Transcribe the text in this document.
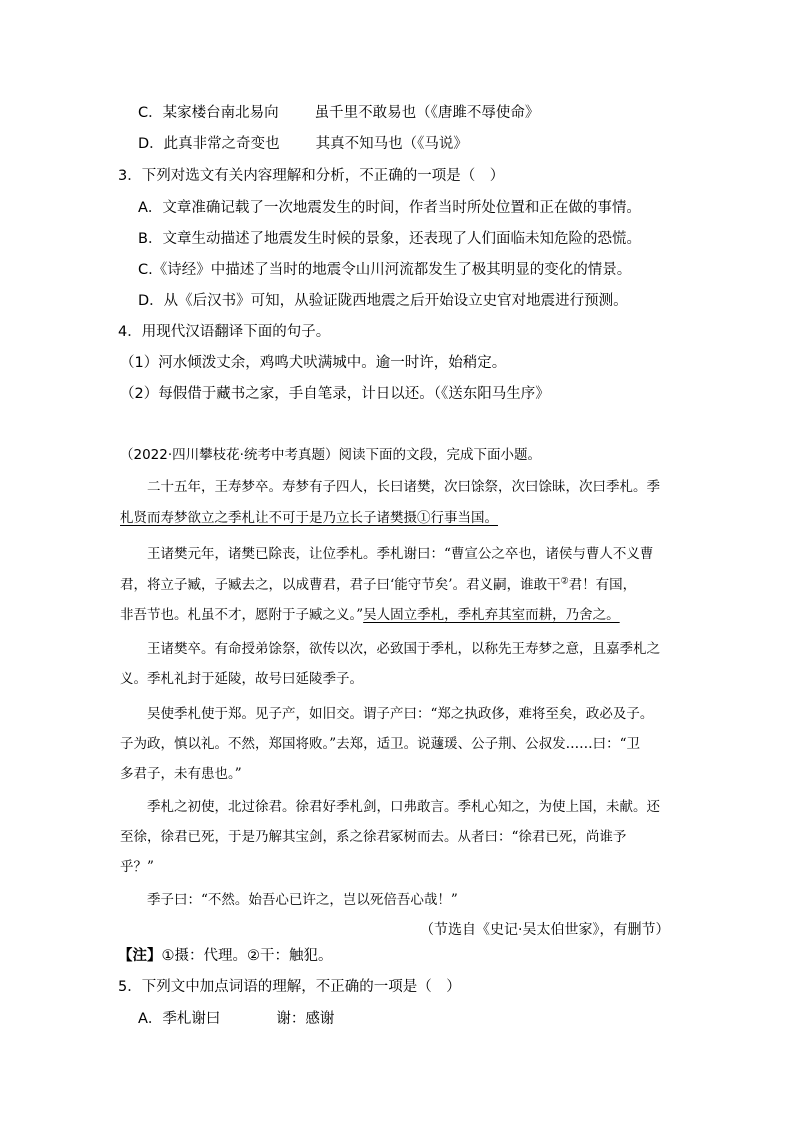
C．某家楼台南北易向 虽千里不敢易也（《唐雎不辱使命》
D．此真非常之奇变也 其真不知马也（《马说》
3．下列对选文有关内容理解和分析，不正确的一项是（　）
A．文章准确记载了一次地震发生的时间，作者当时所处位置和正在做的事情。
B．文章生动描述了地震发生时候的景象，还表现了人们面临未知危险的恐慌。
C.《诗经》中描述了当时的地震令山川河流都发生了极其明显的变化的情景。
D．从《后汉书》可知，从验证陇西地震之后开始设立史官对地震进行预测。
4．用现代汉语翻译下面的句子。
（1）河水倾泼丈余，鸡鸣犬吠满城中。逾一时许，始稍定。
（2）每假借于藏书之家，手自笔录，计日以还。（《送东阳马生序》
（2022·四川攀枝花·统考中考真题）阅读下面的文段，完成下面小题。
二十五年，王寿梦卒。寿梦有子四人，长曰诸樊，次曰馀祭，次曰馀昧，次曰季札。季
札贤而寿梦欲立之季札让不可于是乃立长子诸樊摄①行事当国。
王诸樊元年，诸樊已除丧，让位季札。季札谢曰：“曹宣公之卒也，诸侯与曹人不义曹
君，将立子臧，子臧去之，以成曹君，君子曰‘能守节矣’。君义嗣，谁敢干②君！有国，
非吾节也。札虽不才，愿附于子臧之义。”吴人固立季札，季札弃其室而耕，乃舍之。
王诸樊卒。有命授弟馀祭，欲传以次，必致国于季札，以称先王寿梦之意，且嘉季札之
义。季札礼封于延陵，故号曰延陵季子。
吴使季札使于郑。见子产，如旧交。谓子产曰：“郑之执政侈，难将至矣，政必及子。
子为政，慎以礼。不然，郑国将败。”去郑，适卫。说蘧瑗、公子荆、公叔发……曰：“卫
多君子，未有患也。”
季札之初使，北过徐君。徐君好季札剑，口弗敢言。季札心知之，为使上国，未献。还
至徐，徐君已死，于是乃解其宝剑，系之徐君冢树而去。从者曰：“徐君已死，尚谁予
乎？”
季子曰：“不然。始吾心已许之，岂以死倍吾心哉！”
（节选自《史记·吴太伯世家》，有删节）
【注】①摄：代理。②干：触犯。
5．下列文中加点词语的理解，不正确的一项是（　）
A．季札谢曰	谢：感谢
